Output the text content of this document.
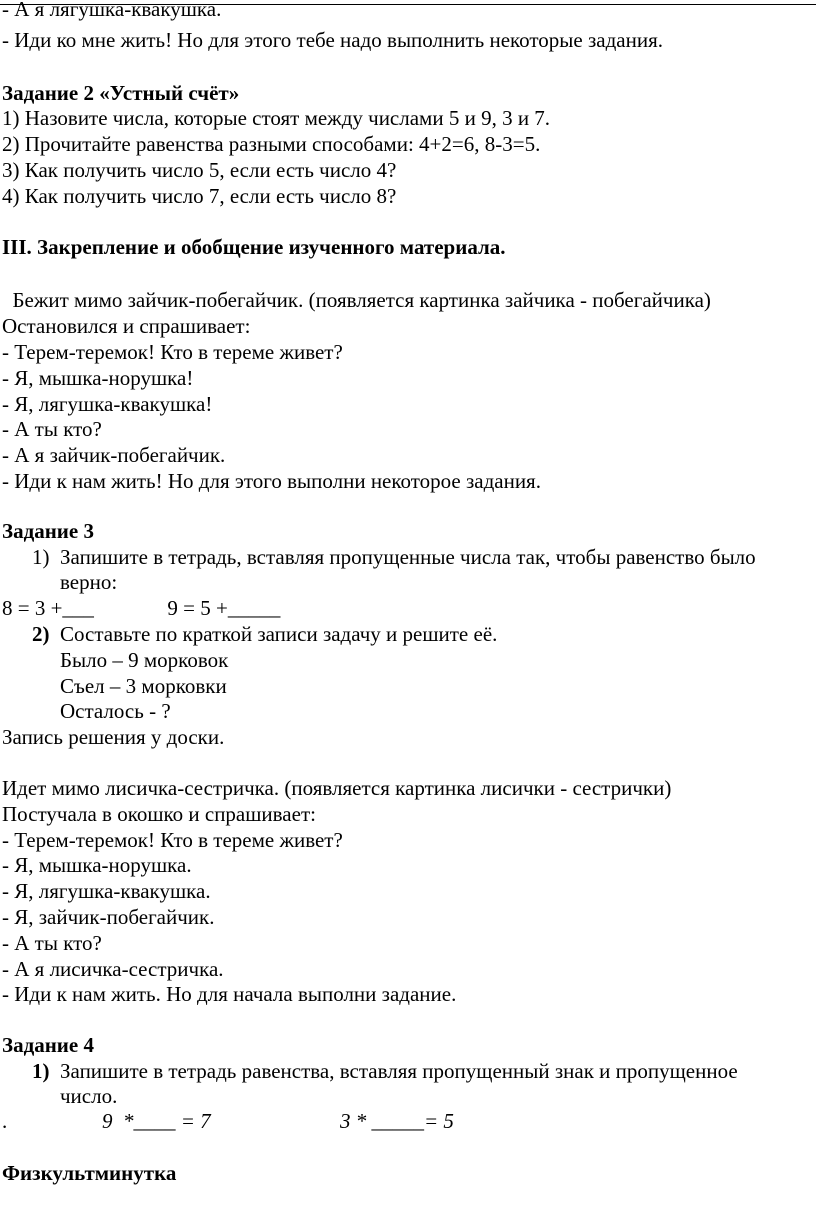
- А я лягушка-квакушка.
- Иди ко мне жить! Но для этого тебе надо выполнить некоторые задания.
Задание 2 «Устный счёт»
1) Назовите числа, которые стоят между числами 5 и 9, 3 и 7.
2) Прочитайте равенства разными способами: 4+2=6, 8-3=5.
3) Как получить число 5, если есть число 4?
4) Как получить число 7, если есть число 8?
III. Закрепление и обобщение изученного материала.
Бежит мимо зайчик-побегайчик. (появляется картинка зайчика - побегайчика)
Остановился и спрашивает:
- Терем-теремок! Кто в тереме живет?
- Я, мышка-норушка!
- Я, лягушка-квакушка!
- А ты кто?
- А я зайчик-побегайчик.
- Иди к нам жить! Но для этого выполни некоторое задания.
Задание 3
1) Запишите в тетрадь, вставляя пропущенные числа так, чтобы равенство было
верно:
8 = 3 +___              9 = 5 +_____
2) Составьте по краткой записи задачу и решите её.
Было – 9 морковок
Съел – 3 морковки
Осталось - ?
Запись решения у доски.
Идет мимо лисичка-сестричка. (появляется картинка лисички - сестрички)
Постучала в окошко и спрашивает:
- Терем-теремок! Кто в тереме живет?
- Я, мышка-норушка.
- Я, лягушка-квакушка.
- Я, зайчик-побегайчик.
- А ты кто?
- А я лисичка-сестричка.
- Иди к нам жить. Но для начала выполни задание.
Задание 4
1) Запишите в тетрадь равенства, вставляя пропущенный знак и пропущенное
число.
.	9  *____ = 7	3 * _____= 5
Физкультминутка
